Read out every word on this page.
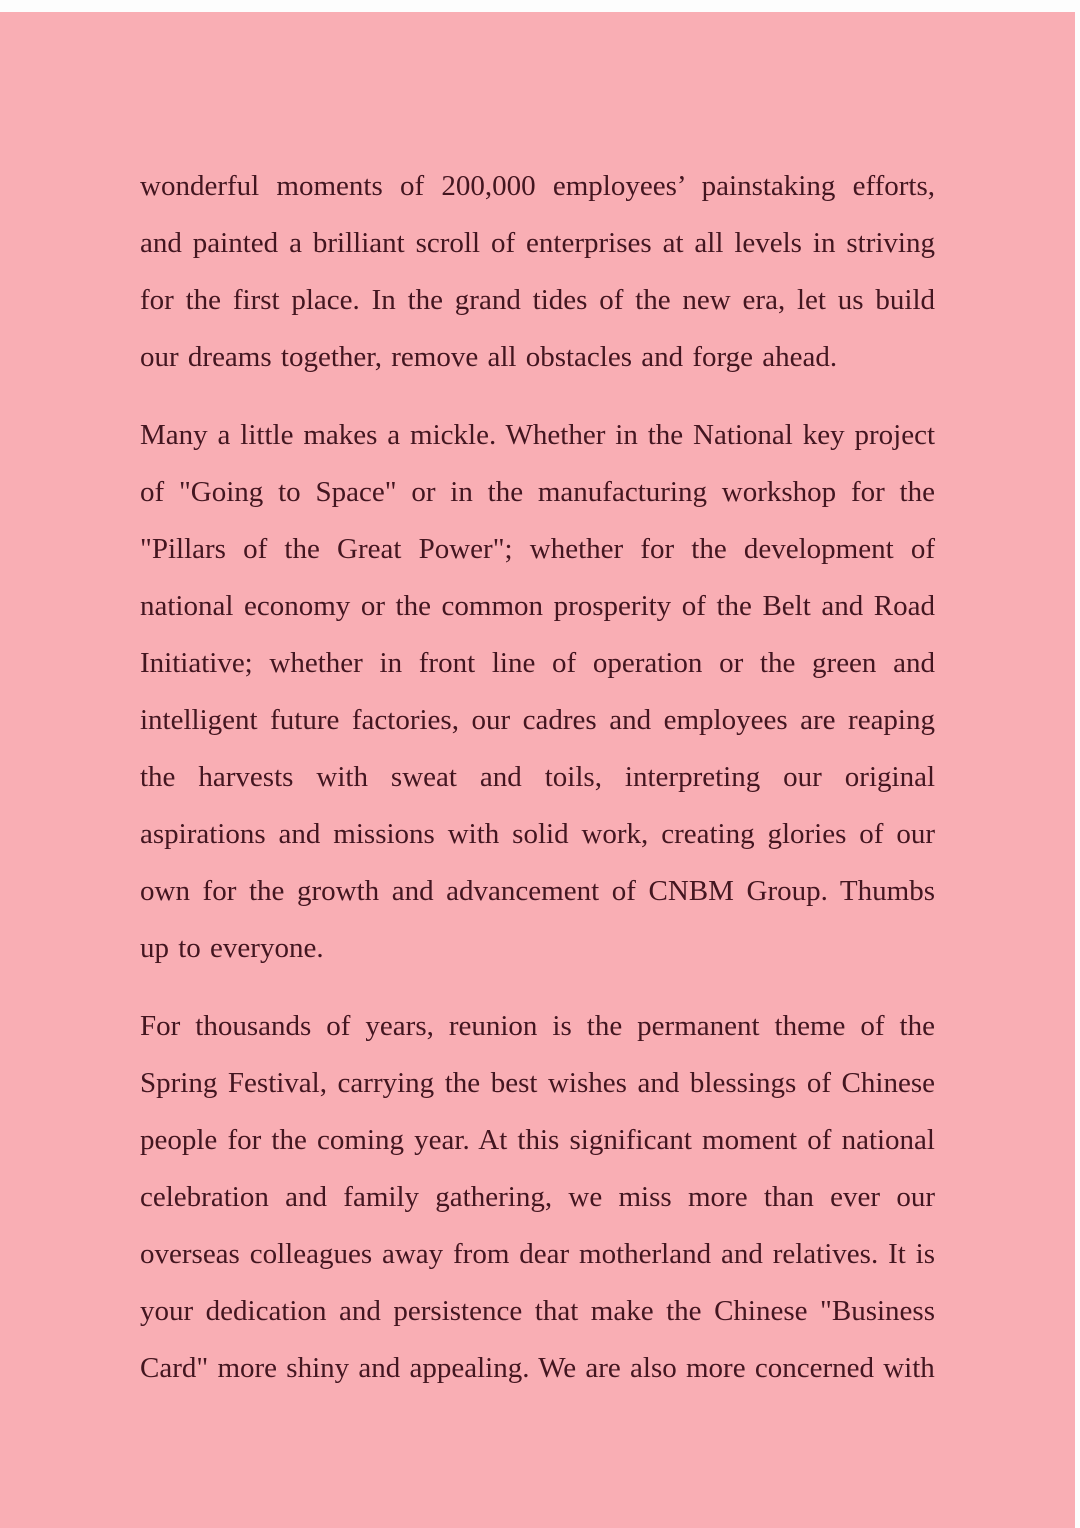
wonderful moments of 200,000 employees’ painstaking efforts, and painted a brilliant scroll of enterprises at all levels in striving for the first place. In the grand tides of the new era, let us build our dreams together, remove all obstacles and forge ahead.

Many a little makes a mickle. Whether in the National key project of "Going to Space" or in the manufacturing workshop for the "Pillars of the Great Power"; whether for the development of national economy or the common prosperity of the Belt and Road Initiative; whether in front line of operation or the green and intelligent future factories, our cadres and employees are reaping the harvests with sweat and toils, interpreting our original aspirations and missions with solid work, creating glories of our own for the growth and advancement of CNBM Group. Thumbs up to everyone.

For thousands of years, reunion is the permanent theme of the Spring Festival, carrying the best wishes and blessings of Chinese people for the coming year. At this significant moment of national celebration and family gathering, we miss more than ever our overseas colleagues away from dear motherland and relatives. It is your dedication and persistence that make the Chinese "Business Card" more shiny and appealing. We are also more concerned with
